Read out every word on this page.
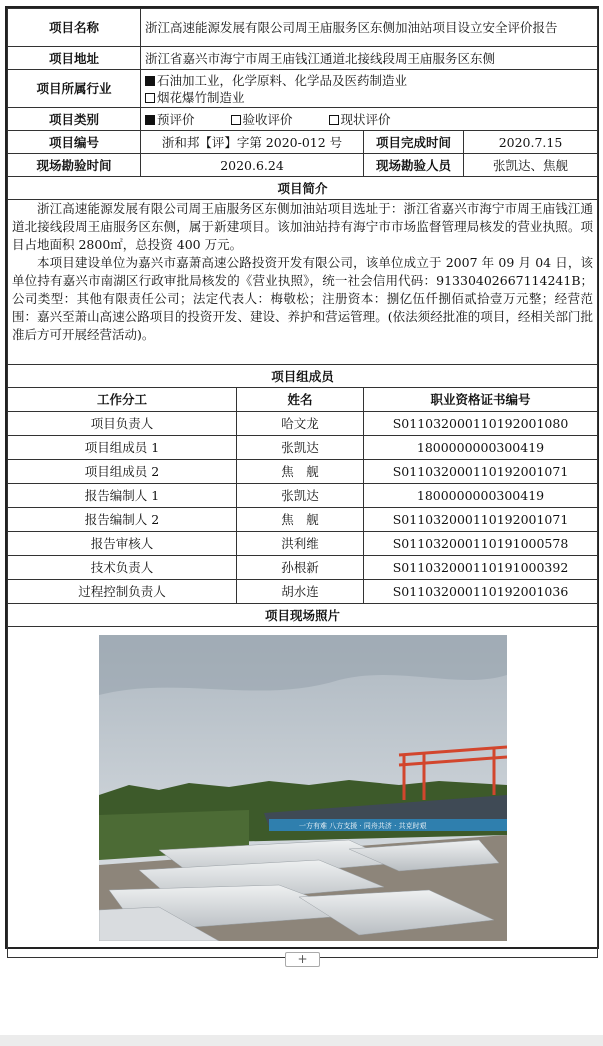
项目名称	浙江高速能源发展有限公司周王庙服务区东侧加油站项目设立安全评价报告			
项目地址	浙江省嘉兴市海宁市周王庙钱江通道北接线段周王庙服务区东侧			
项目所属行业	石油加工业，化学原料、化学品及医药制造业
烟花爆竹制造业			

项目类别	预评价 验收评价 现状评价			
项目编号	浙和邦【评】字第 2020-012 号		项目完成时间	2020.7.15
现场勘验时间	2020.6.24		现场勘验人员	张凯达、焦舰
项目简介				

浙江高速能源发展有限公司周王庙服务区东侧加油站项目选址于：浙江省嘉兴市海宁市周王庙钱江通道北接线段周王庙服务区东侧，属于新建项目。该加油站持有海宁市市场监督管理局核发的营业执照。项目占地面积 2800㎡，总投资 400 万元。

本项目建设单位为嘉兴市嘉萧高速公路投资开发有限公司，该单位成立于 2007 年 09 月 04 日，该单位持有嘉兴市南湖区行政审批局核发的《营业执照》，统一社会信用代码：91330402667114241B；公司类型：其他有限责任公司；法定代表人：梅敬松；注册资本：捌亿伍仟捌佰贰拾壹万元整；经营范围：嘉兴至萧山高速公路项目的投资开发、建设、养护和营运管理。(依法须经批准的项目，经相关部门批准后方可开展经营活动)。				

项目组成员				
工作分工		姓名	职业资格证书编号	
项目负责人		哈文龙	S011032000110192001080	
项目组成员 1		张凯达	1800000000300419	
项目组成员 2		焦　舰	S011032000110192001071	
报告编制人 1		张凯达	1800000000300419	
报告编制人 2		焦　舰	S011032000110192001071	
报告审核人		洪利维	S011032000110191000578	
技术负责人		孙根新	S011032000110191000392	
过程控制负责人		胡水连	S011032000110192001036	
项目现场照片				

一方有难 八方支援 · 同舟共济 · 共克时艰				
+
